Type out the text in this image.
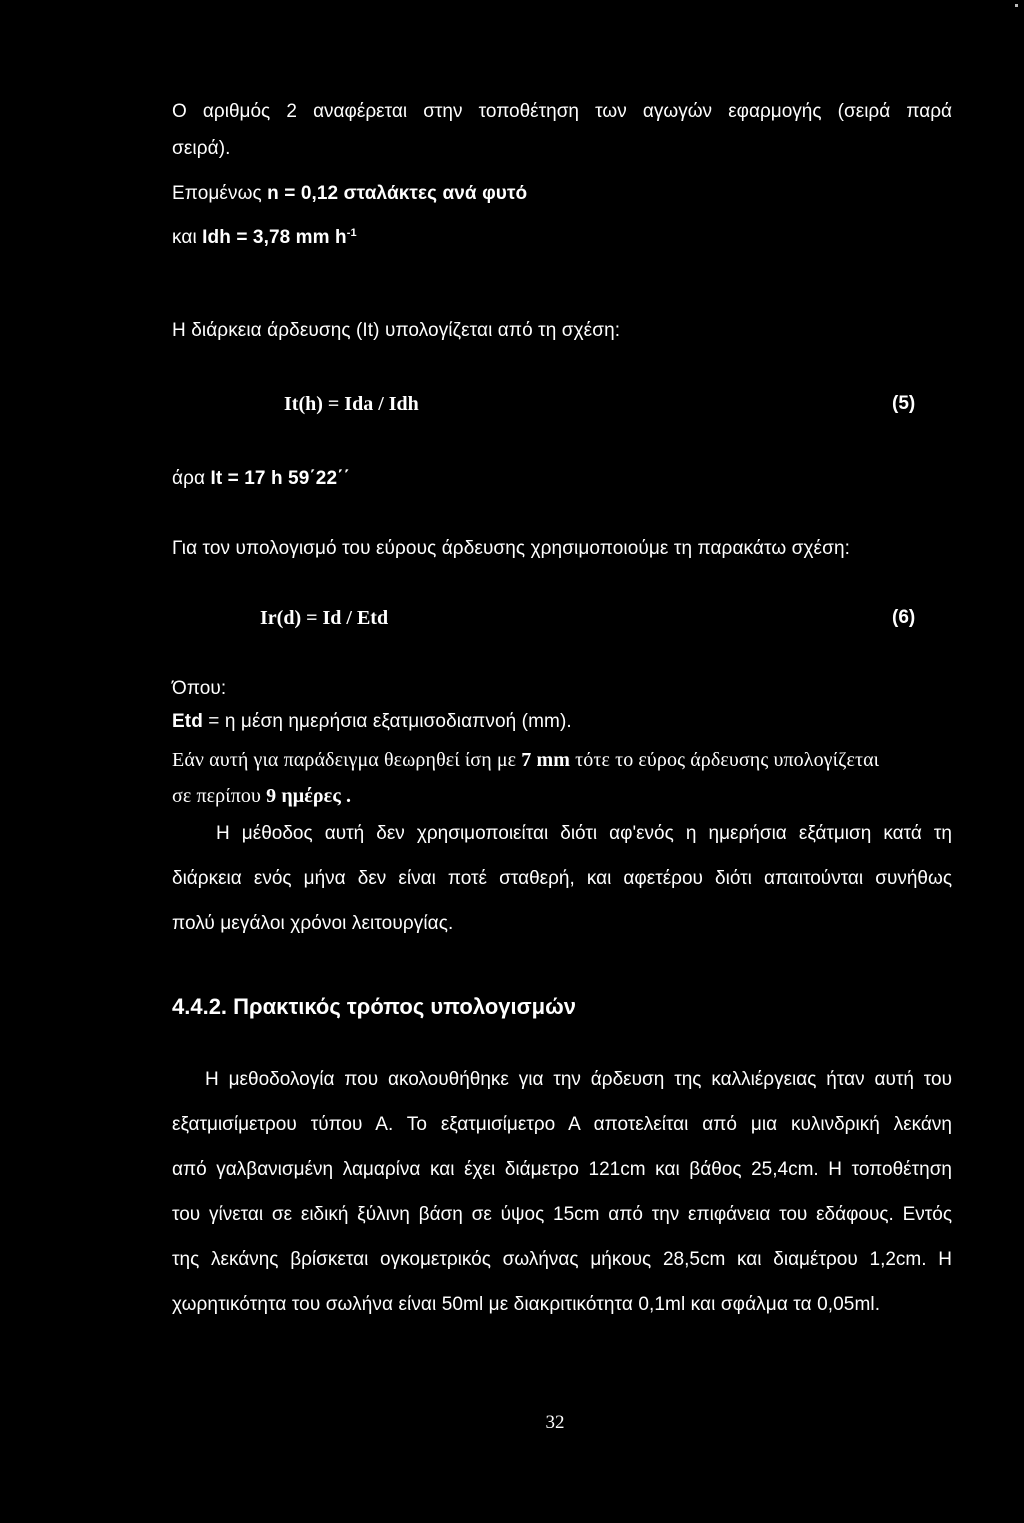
Ο αριθμός 2 αναφέρεται στην τοποθέτηση των αγωγών εφαρμογής (σειρά παρά
σειρά).
Επομένως n = 0,12 σταλάκτες ανά φυτό
και Idh = 3,78 mm $h^{-1}$
Η διάρκεια άρδευσης (It) υπολογίζεται από τη σχέση:
It(h) = Ida / Idh	(5)
άρα It = 17 h 59΄22΄΄
Για τον υπολογισμό του εύρους άρδευσης χρησιμοποιούμε τη παρακάτω σχέση:
Ir(d) = Id / Etd	(6)
Όπου:
Etd = η μέση ημερήσια εξατμισοδιαπνοή (mm).
Εάν αυτή για παράδειγμα θεωρηθεί ίση με 7 mm τότε το εύρος άρδευσης υπολογίζεται
σε περίπου 9 ημέρες .
Η μέθοδος αυτή δεν χρησιμοποιείται διότι αφ'ενός η ημερήσια εξάτμιση κατά τη
διάρκεια ενός μήνα δεν είναι ποτέ σταθερή, και αφετέρου διότι απαιτούνται συνήθως
πολύ μεγάλοι χρόνοι λειτουργίας.
4.4.2. Πρακτικός τρόπος υπολογισμών
Η μεθοδολογία που ακολουθήθηκε για την άρδευση της καλλιέργειας ήταν αυτή του
εξατμισίμετρου τύπου Α. Το εξατμισίμετρο Α αποτελείται από μια κυλινδρική λεκάνη
από γαλβανισμένη λαμαρίνα και έχει διάμετρο 121cm και βάθος 25,4cm. Η τοποθέτηση
του γίνεται σε ειδική ξύλινη βάση σε ύψος 15cm από την επιφάνεια του εδάφους. Εντός
της λεκάνης βρίσκεται ογκομετρικός σωλήνας μήκους 28,5cm και διαμέτρου 1,2cm. Η
χωρητικότητα του σωλήνα είναι 50ml με διακριτικότητα 0,1ml και σφάλμα τα 0,05ml.
32
